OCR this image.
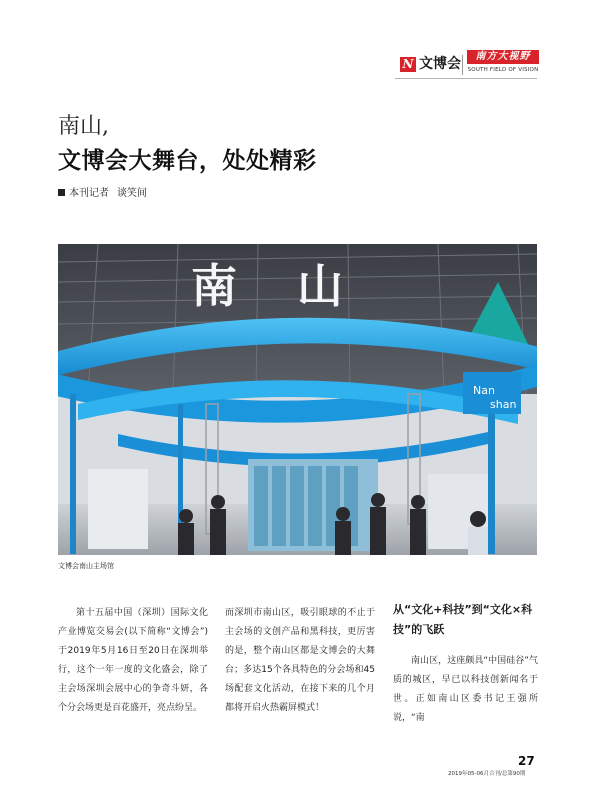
N 文博会	南方大视野
SOUTH FIELD OF VISION
南山,
文博会大舞台，处处精彩
本刊记者 谈笑间
南 山
Nan
shan
文博会南山主场馆

第十五届中国（深圳）国际文化产业博览交易会(以下简称“文博会”)于2019年5月16日至20日在深圳举行，这个一年一度的文化盛会，除了主会场深圳会展中心的争奇斗妍，各个分会场更是百花盛开，亮点纷呈。

而深圳市南山区，吸引眼球的不止于主会场的文创产品和黑科技，更厉害的是，整个南山区都是文博会的大舞台；多达15个各具特色的分会场和45场配套文化活动，在接下来的几个月都将开启火热霸屏模式！

从“文化+科技”到“文化×科技”的飞跃

南山区，这座颇具“中国硅谷”气质的城区，早已以科技创新闻名于世。正如南山区委书记王强所说，“南

27
2019年05-06月合刊/总第90期
